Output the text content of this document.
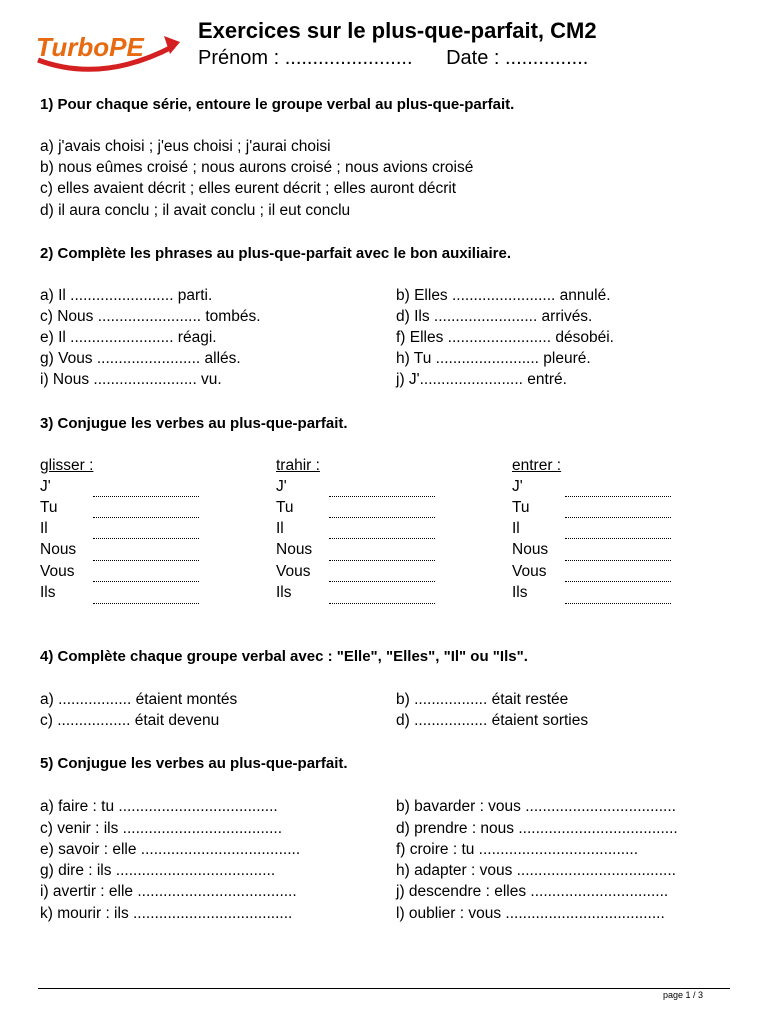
TurboPE
Exercices sur le plus-que-parfait, CM2
Prénom : ....................... Date : ...............
1) Pour chaque série, entoure le groupe verbal au plus-que-parfait.
a) j'avais choisi ; j'eus choisi ; j'aurai choisi
b) nous eûmes croisé ; nous aurons croisé ; nous avions croisé
c) elles avaient décrit ; elles eurent décrit ; elles auront décrit
d) il aura conclu ; il avait conclu ; il eut conclu
2) Complète les phrases au plus-que-parfait avec le bon auxiliaire.
a) Il ........................ parti.
c) Nous ........................ tombés.
e) Il ........................ réagi.
g) Vous ........................ allés.
i) Nous ........................ vu.
b) Elles ........................ annulé.
d) Ils ........................ arrivés.
f) Elles ........................ désobéi.
h) Tu ........................ pleuré.
j) J'........................ entré.
3) Conjugue les verbes au plus-que-parfait.
glisser :	trahir :	entrer :
J'
Tu
Il
Nous
Vous
Ils
J'
Tu
Il
Nous
Vous
Ils
J'
Tu
Il
Nous
Vous
Ils
4) Complète chaque groupe verbal avec : "Elle", "Elles", "Il" ou "Ils".
a) ................. étaient montés
c) ................. était devenu
b) ................. était restée
d) ................. étaient sorties
5) Conjugue les verbes au plus-que-parfait.
a) faire : tu .....................................
c) venir : ils .....................................
e) savoir : elle .....................................
g) dire : ils .....................................
i) avertir : elle .....................................
k) mourir : ils .....................................
b) bavarder : vous ...................................
d) prendre : nous .....................................
f) croire : tu .....................................
h) adapter : vous .....................................
j) descendre : elles ................................
l) oublier : vous .....................................
page 1 / 3
